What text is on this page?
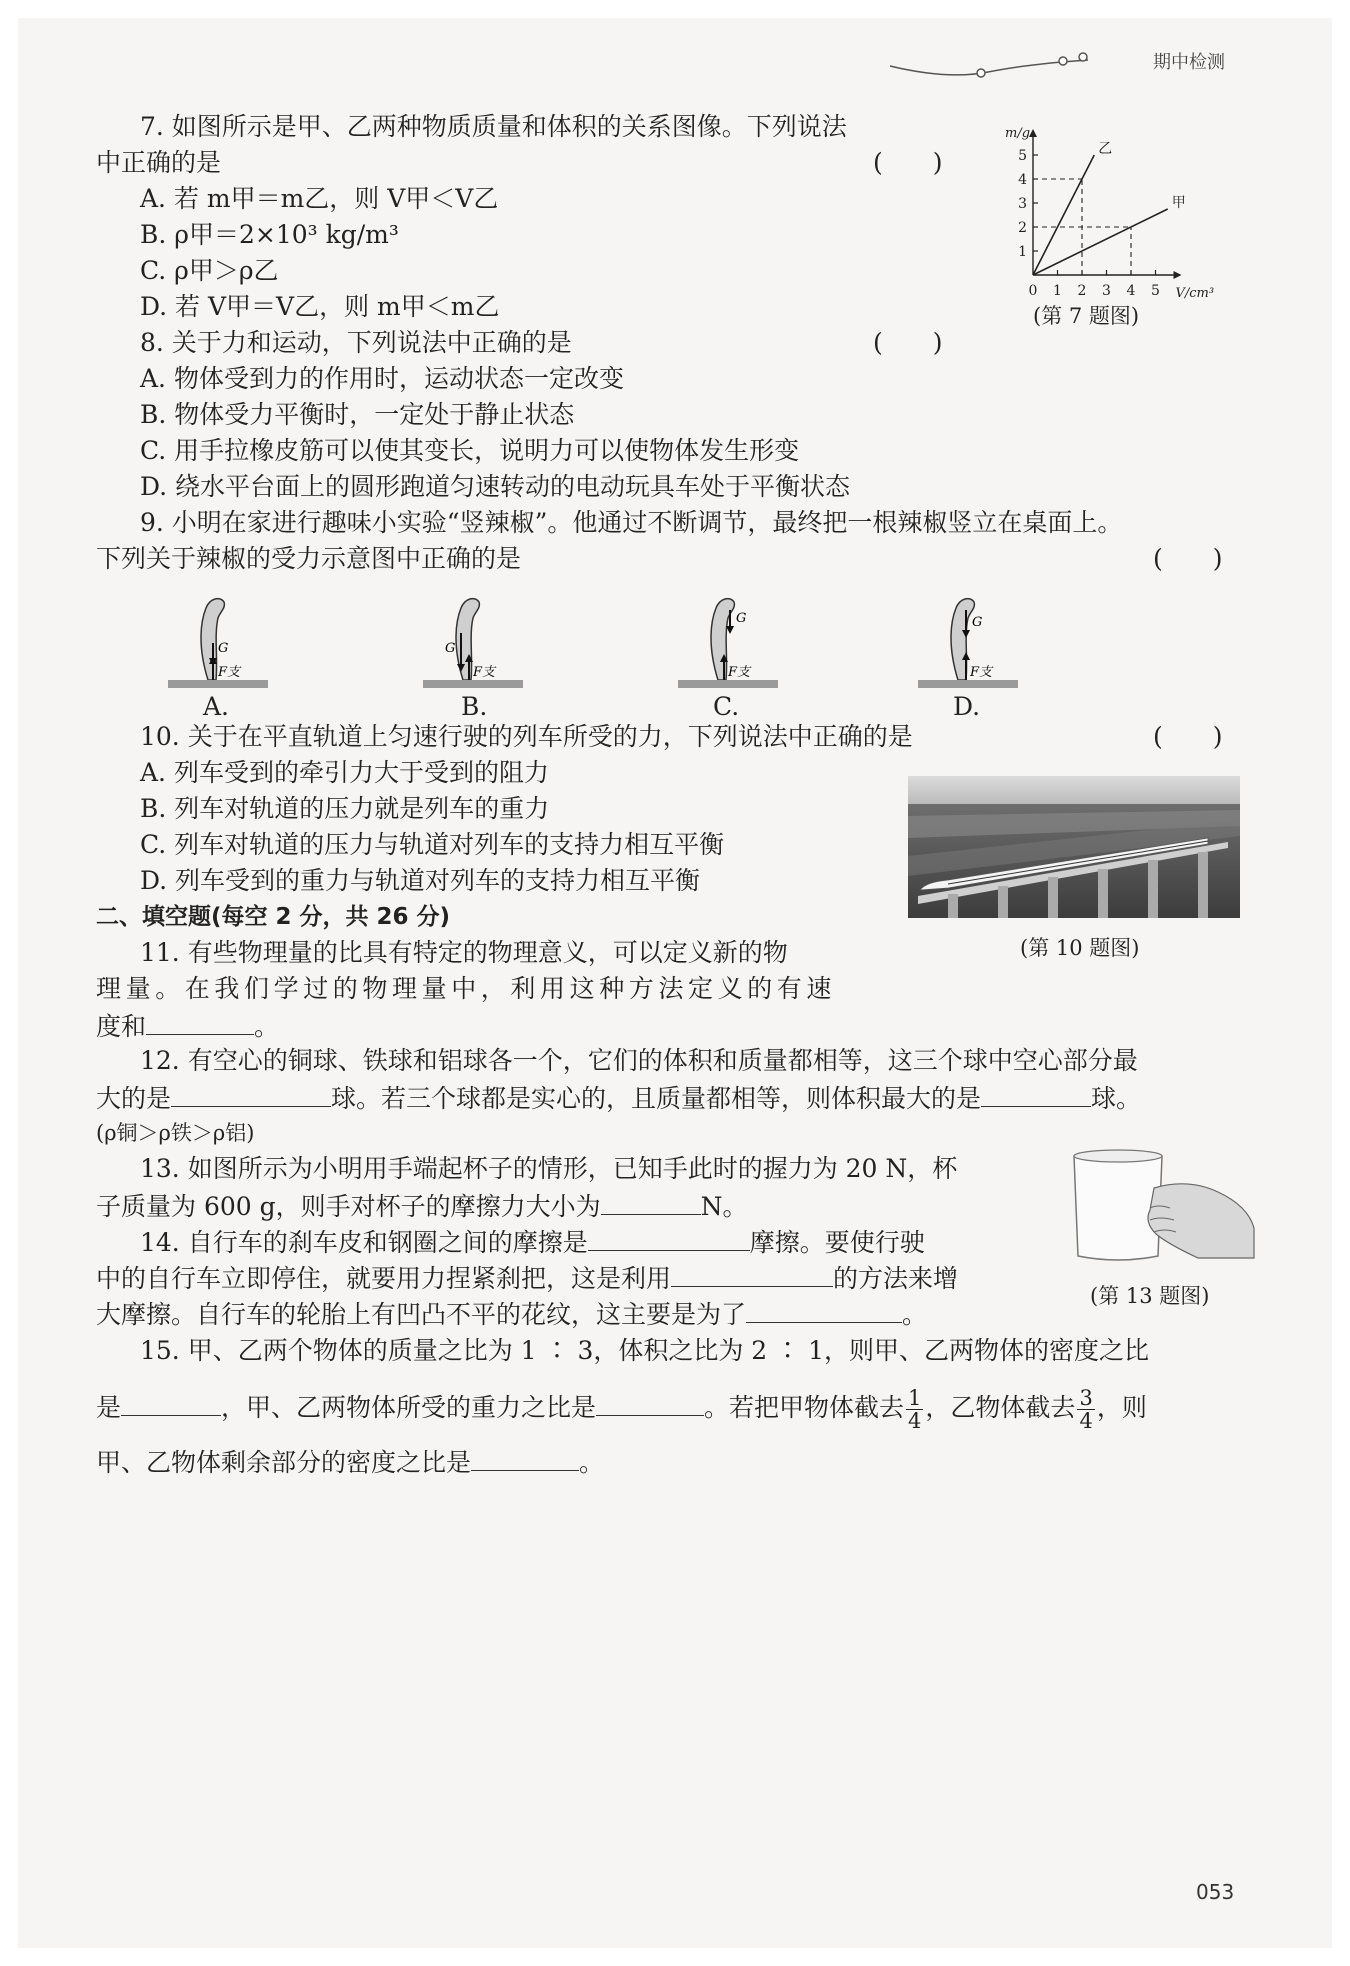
期中检测
7. 如图所示是甲、乙两种物质质量和体积的关系图像。下列说法
中正确的是	(　　)
A. 若 m甲＝m乙，则 V甲＜V乙
B. ρ甲＝2×10³ kg/m³
C. ρ甲＞ρ乙
D. 若 V甲＝V乙，则 m甲＜m乙
0 1 2 3 4 5
1
2
3
4
5
m/g
V/cm³
乙
甲
(第 7 题图)
8. 关于力和运动，下列说法中正确的是	(　　)
A. 物体受到力的作用时，运动状态一定改变
B. 物体受力平衡时，一定处于静止状态
C. 用手拉橡皮筋可以使其变长，说明力可以使物体发生形变
D. 绕水平台面上的圆形跑道匀速转动的电动玩具车处于平衡状态
9. 小明在家进行趣味小实验“竖辣椒”。他通过不断调节，最终把一根辣椒竖立在桌面上。
下列关于辣椒的受力示意图中正确的是	(　　)
G
F支
A.
G
F支
B.
G
F支
C.
G
F支
D.
10. 关于在平直轨道上匀速行驶的列车所受的力，下列说法中正确的是	(　　)
A. 列车受到的牵引力大于受到的阻力
B. 列车对轨道的压力就是列车的重力
C. 列车对轨道的压力与轨道对列车的支持力相互平衡
D. 列车受到的重力与轨道对列车的支持力相互平衡
(第 10 题图)
二、填空题(每空 2 分，共 26 分)
11. 有些物理量的比具有特定的物理意义，可以定义新的物
理量。在我们学过的物理量中，利用这种方法定义的有速
度和	。
12. 有空心的铜球、铁球和铝球各一个，它们的体积和质量都相等，这三个球中空心部分最
大的是	球。若三个球都是实心的，且质量都相等，则体积最大的是	球。
(ρ铜＞ρ铁＞ρ铝)
13. 如图所示为小明用手端起杯子的情形，已知手此时的握力为 20 N，杯
子质量为 600 g，则手对杯子的摩擦力大小为	N。
(第 13 题图)
14. 自行车的刹车皮和钢圈之间的摩擦是	摩擦。要使行驶
中的自行车立即停住，就要用力捏紧刹把，这是利用	的方法来增
大摩擦。自行车的轮胎上有凹凸不平的花纹，这主要是为了	。
15. 甲、乙两个物体的质量之比为 1 ∶ 3，体积之比为 2 ∶ 1，则甲、乙两物体的密度之比
是	，甲、乙两物体所受的重力之比是	。若把甲物体截去 $\frac{1}{4}$ ，乙物体截去 $\frac{3}{4}$ ，则
甲、乙物体剩余部分的密度之比是	。
053
